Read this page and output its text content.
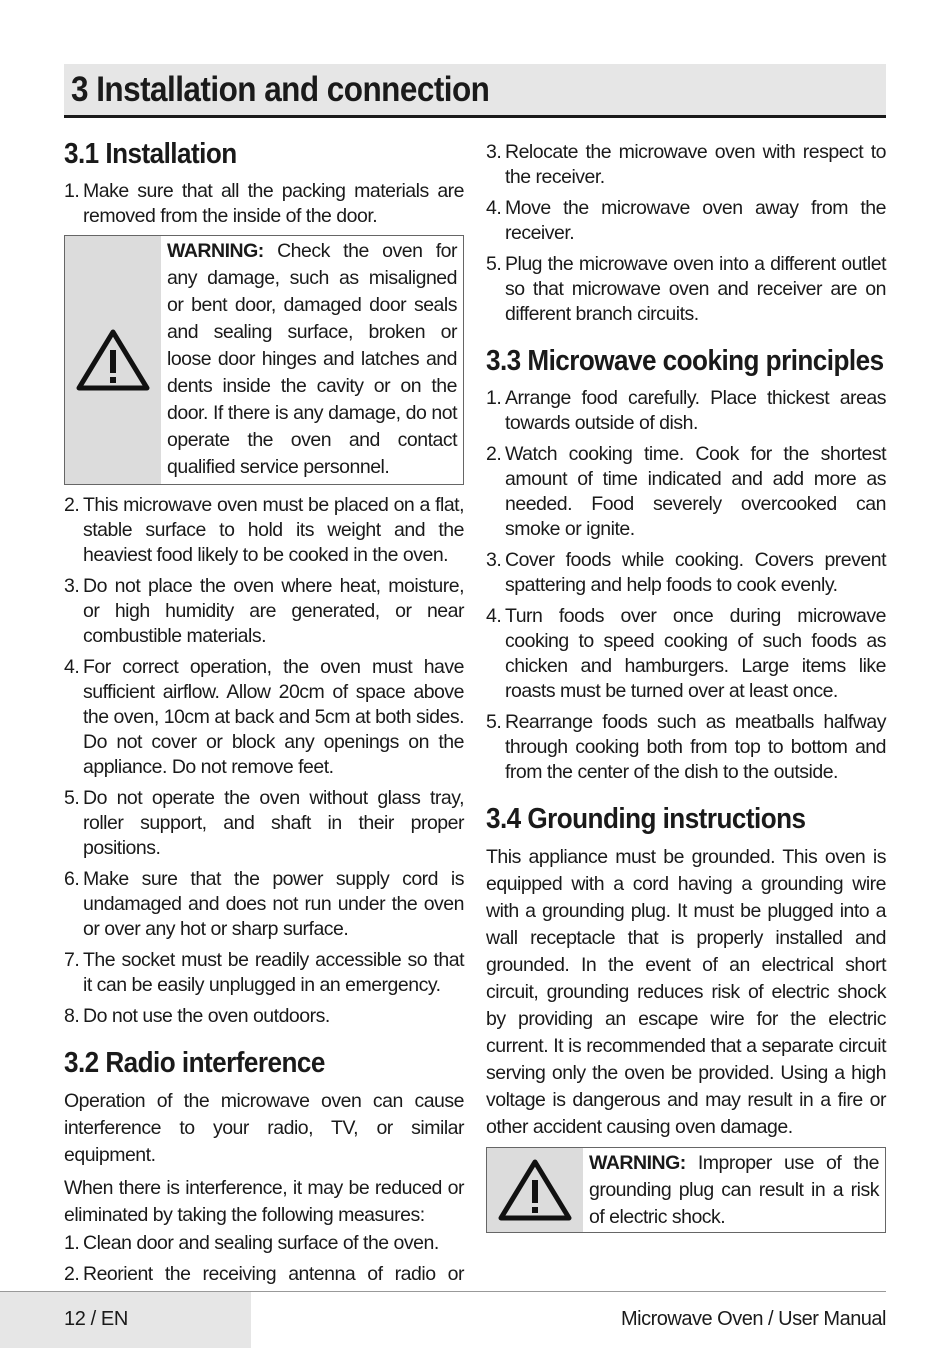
3 Installation and connection
3.1 Installation
1. Make sure that all the packing materials are removed from the inside of the door.
WARNING: Check the oven for any damage, such as misaligned or bent door, damaged door seals and sealing surface, broken or loose door hinges and latches and dents inside the cavity or on the door. If there is any damage, do not operate the oven and contact qualified service personnel.
2. This microwave oven must be placed on a flat, stable surface to hold its weight and the heaviest food likely to be cooked in the oven.
3. Do not place the oven where heat, moisture, or high humidity are generated, or near combustible materials.
4. For correct operation, the oven must have sufficient airflow. Allow 20cm of space above the oven, 10cm at back and 5cm at both sides. Do not cover or block any openings on the appliance. Do not remove feet.
5. Do not operate the oven without glass tray, roller support, and shaft in their proper positions.
6. Make sure that the power supply cord is undamaged and does not run under the oven or over any hot or sharp surface.
7. The socket must be readily accessible so that it can be easily unplugged in an emergency.
8. Do not use the oven outdoors.
3.2 Radio interference

Operation of the microwave oven can cause interference to your radio, TV, or similar equipment.

When there is interference, it may be reduced or eliminated by taking the following measures:

1. Clean door and sealing surface of the oven.
2. Reorient the receiving antenna of radio or
3. Relocate the microwave oven with respect to the receiver.
4. Move the microwave oven away from the receiver.
5. Plug the microwave oven into a different outlet so that microwave oven and receiver are on different branch circuits.
3.3 Microwave cooking principles
1. Arrange food carefully. Place thickest areas towards outside of dish.
2. Watch cooking time. Cook for the shortest amount of time indicated and add more as needed. Food severely overcooked can smoke or ignite.
3. Cover foods while cooking. Covers prevent spattering and help foods to cook evenly.
4. Turn foods over once during microwave cooking to speed cooking of such foods as chicken and hamburgers. Large items like roasts must be turned over at least once.
5. Rearrange foods such as meatballs halfway through cooking both from top to bottom and from the center of the dish to the outside.
3.4 Grounding instructions

This appliance must be grounded. This oven is equipped with a cord having a grounding wire with a grounding plug. It must be plugged into a wall receptacle that is properly installed and grounded. In the event of an electrical short circuit, grounding reduces risk of electric shock by providing an escape wire for the electric current. It is recommended that a separate circuit serving only the oven be provided. Using a high voltage is dangerous and may result in a fire or other accident causing oven damage.

WARNING: Improper use of the grounding plug can result in a risk of electric shock.
12 / EN	Microwave Oven / User Manual
